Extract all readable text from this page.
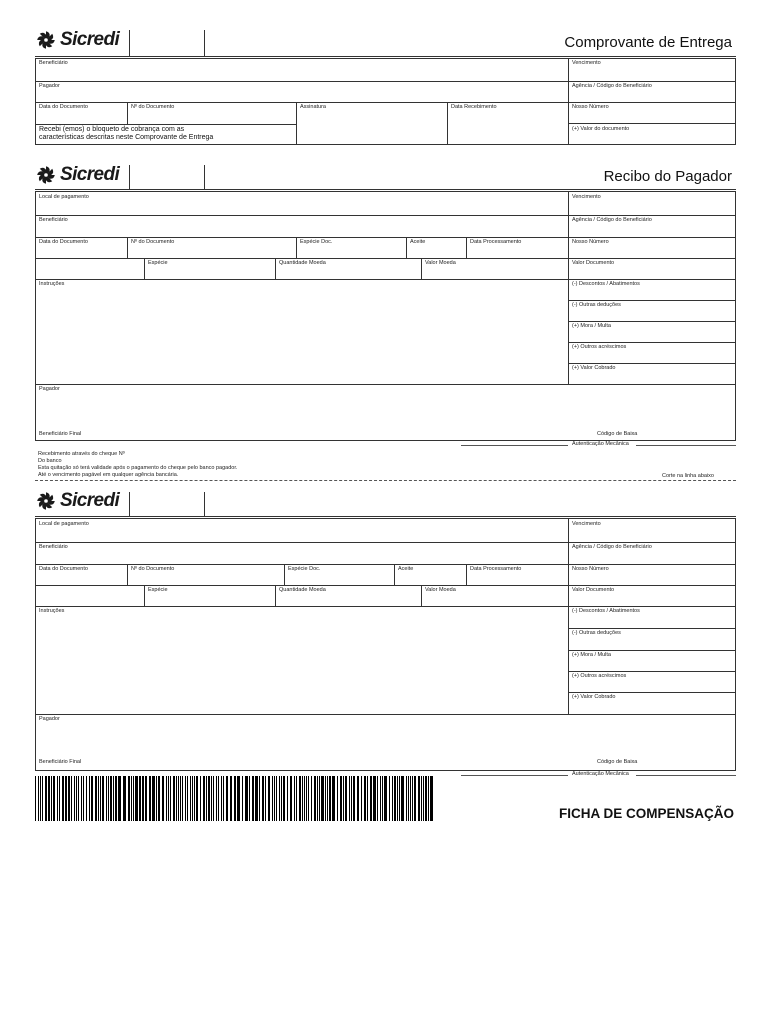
Sicredi	Comprovante de Entrega
Beneficiário	Vencimento
Pagador	Agência / Código do Beneficiário
Data do Documento	Nº do Documento	Assinatura	Data Recebimento	Nosso Número
Recebi (emos) o bloqueto de cobrança com as
características descritas neste Comprovante de Entrega
(+) Valor do documento
Sicredi	Recibo do Pagador
Local de pagamento	Vencimento
Beneficiário	Agência / Código do Beneficiário
Data do Documento	Nº do Documento	Espécie Doc.	Aceite	Data Processamento	Nosso Número
Espécie	Quantidade Moeda	Valor Moeda	Valor Documento
Instruções	(-) Descontos / Abatimentos
(-) Outras deduções
(+) Mora / Multa
(+) Outros acréscimos
(+) Valor Cobrado
Pagador
Beneficiário Final	Código de Baixa
Autenticação Mecânica
Recebimento através do cheque Nº
Do banco
Esta quitação só terá validade após o pagamento do cheque pelo banco pagador.
Até o vencimento pagável em qualquer agência bancária.	Corte na linha abaixo
Sicredi
Local de pagamento	Vencimento
Beneficiário	Agência / Código do Beneficiário
Data do Documento	Nº do Documento	Espécie Doc.	Aceite	Data Processamento	Nosso Número
Espécie	Quantidade Moeda	Valor Moeda	Valor Documento
Instruções	(-) Descontos / Abatimentos
(-) Outras deduções
(+) Mora / Multa
(+) Outros acréscimos
(+) Valor Cobrado
Pagador
Beneficiário Final	Código de Baixa
Autenticação Mecânica
FICHA DE COMPENSAÇÃO
